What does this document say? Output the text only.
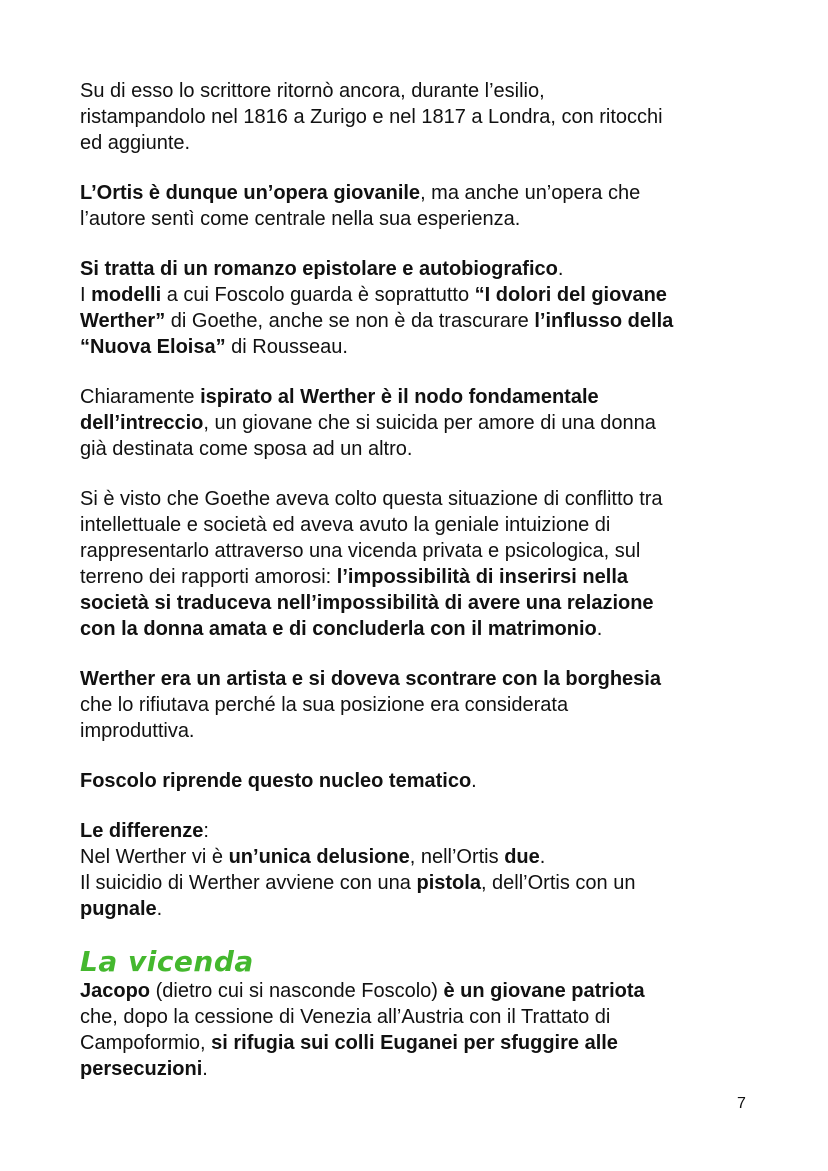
Su di esso lo scrittore ritornò ancora, durante l’esilio,
ristampandolo nel 1816 a Zurigo e nel 1817 a Londra, con ritocchi
ed aggiunte.
L’Ortis è dunque un’opera giovanile, ma anche un’opera che
l’autore sentì come centrale nella sua esperienza.
Si tratta di un romanzo epistolare e autobiografico.
I modelli a cui Foscolo guarda è soprattutto “I dolori del giovane
Werther” di Goethe, anche se non è da trascurare l’influsso della
“Nuova Eloisa” di Rousseau.
Chiaramente ispirato al Werther è il nodo fondamentale
dell’intreccio, un giovane che si suicida per amore di una donna
già destinata come sposa ad un altro.
Si è visto che Goethe aveva colto questa situazione di conflitto tra
intellettuale e società ed aveva avuto la geniale intuizione di
rappresentarlo attraverso una vicenda privata e psicologica, sul
terreno dei rapporti amorosi: l’impossibilità di inserirsi nella
società si traduceva nell’impossibilità di avere una relazione
con la donna amata e di concluderla con il matrimonio.
Werther era un artista e si doveva scontrare con la borghesia
che lo rifiutava perché la sua posizione era considerata
improduttiva.
Foscolo riprende questo nucleo tematico.
Le differenze:
Nel Werther vi è un’unica delusione, nell’Ortis due.
Il suicidio di Werther avviene con una pistola, dell’Ortis con un
pugnale.
La vicenda
Jacopo (dietro cui si nasconde Foscolo) è un giovane patriota
che, dopo la cessione di Venezia all’Austria con il Trattato di
Campoformio, si rifugia sui colli Euganei per sfuggire alle
persecuzioni.
7
